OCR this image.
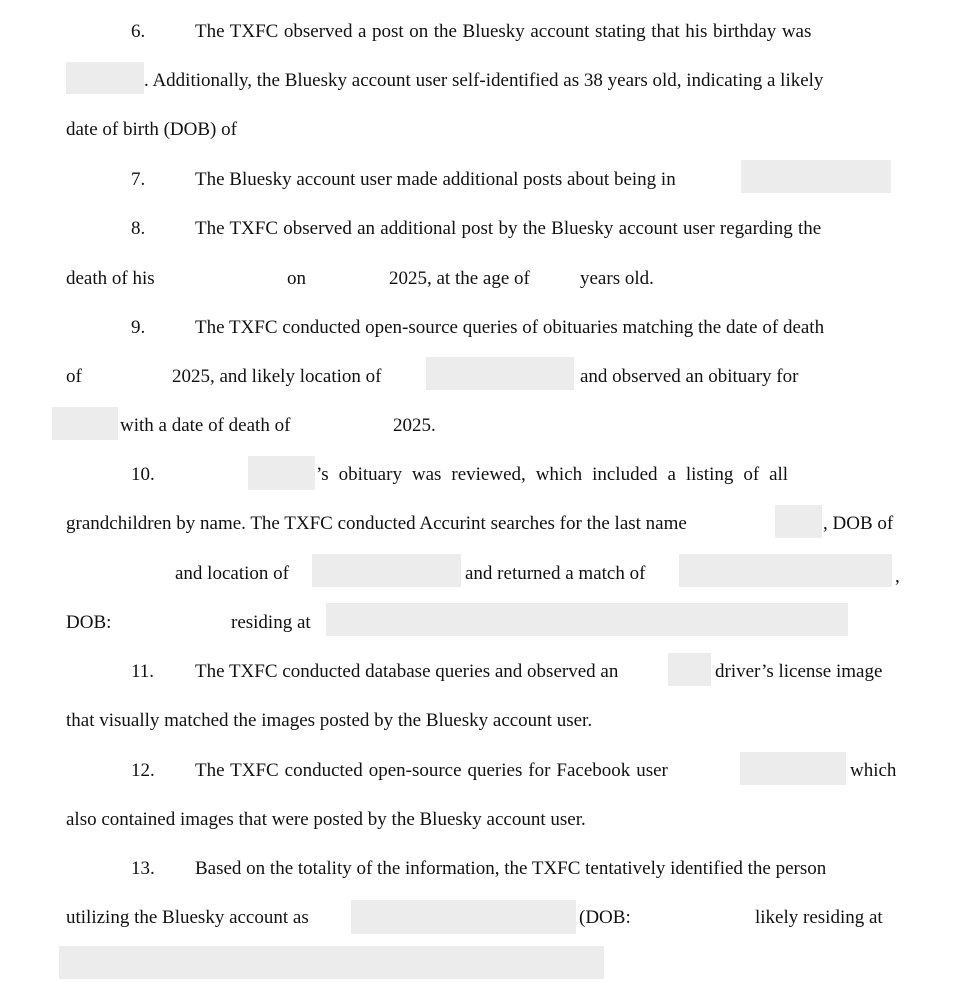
6.	The TXFC observed a post on the Bluesky account stating that his birthday was
. Additionally, the Bluesky account user self-identified as 38 years old, indicating a likely
date of birth (DOB) of
7.	The Bluesky account user made additional posts about being in
8.	The TXFC observed an additional post by the Bluesky account user regarding the
death of his	on	2025, at the age of	years old.
9.	The TXFC conducted open-source queries of obituaries matching the date of death
of	2025, and likely location of	and observed an obituary for
with a date of death of	2025.
10.	’s obituary was reviewed, which included a listing of all
grandchildren by name. The TXFC conducted Accurint searches for the last name	, DOB of
and location of	and returned a match of	,
DOB:	residing at
11. The TXFC conducted database queries and observed an	driver’s license image
that visually matched the images posted by the Bluesky account user.
12. The TXFC conducted open-source queries for Facebook user	which
also contained images that were posted by the Bluesky account user.
13. Based on the totality of the information, the TXFC tentatively identified the person
utilizing the Bluesky account as	(DOB:	likely residing at
